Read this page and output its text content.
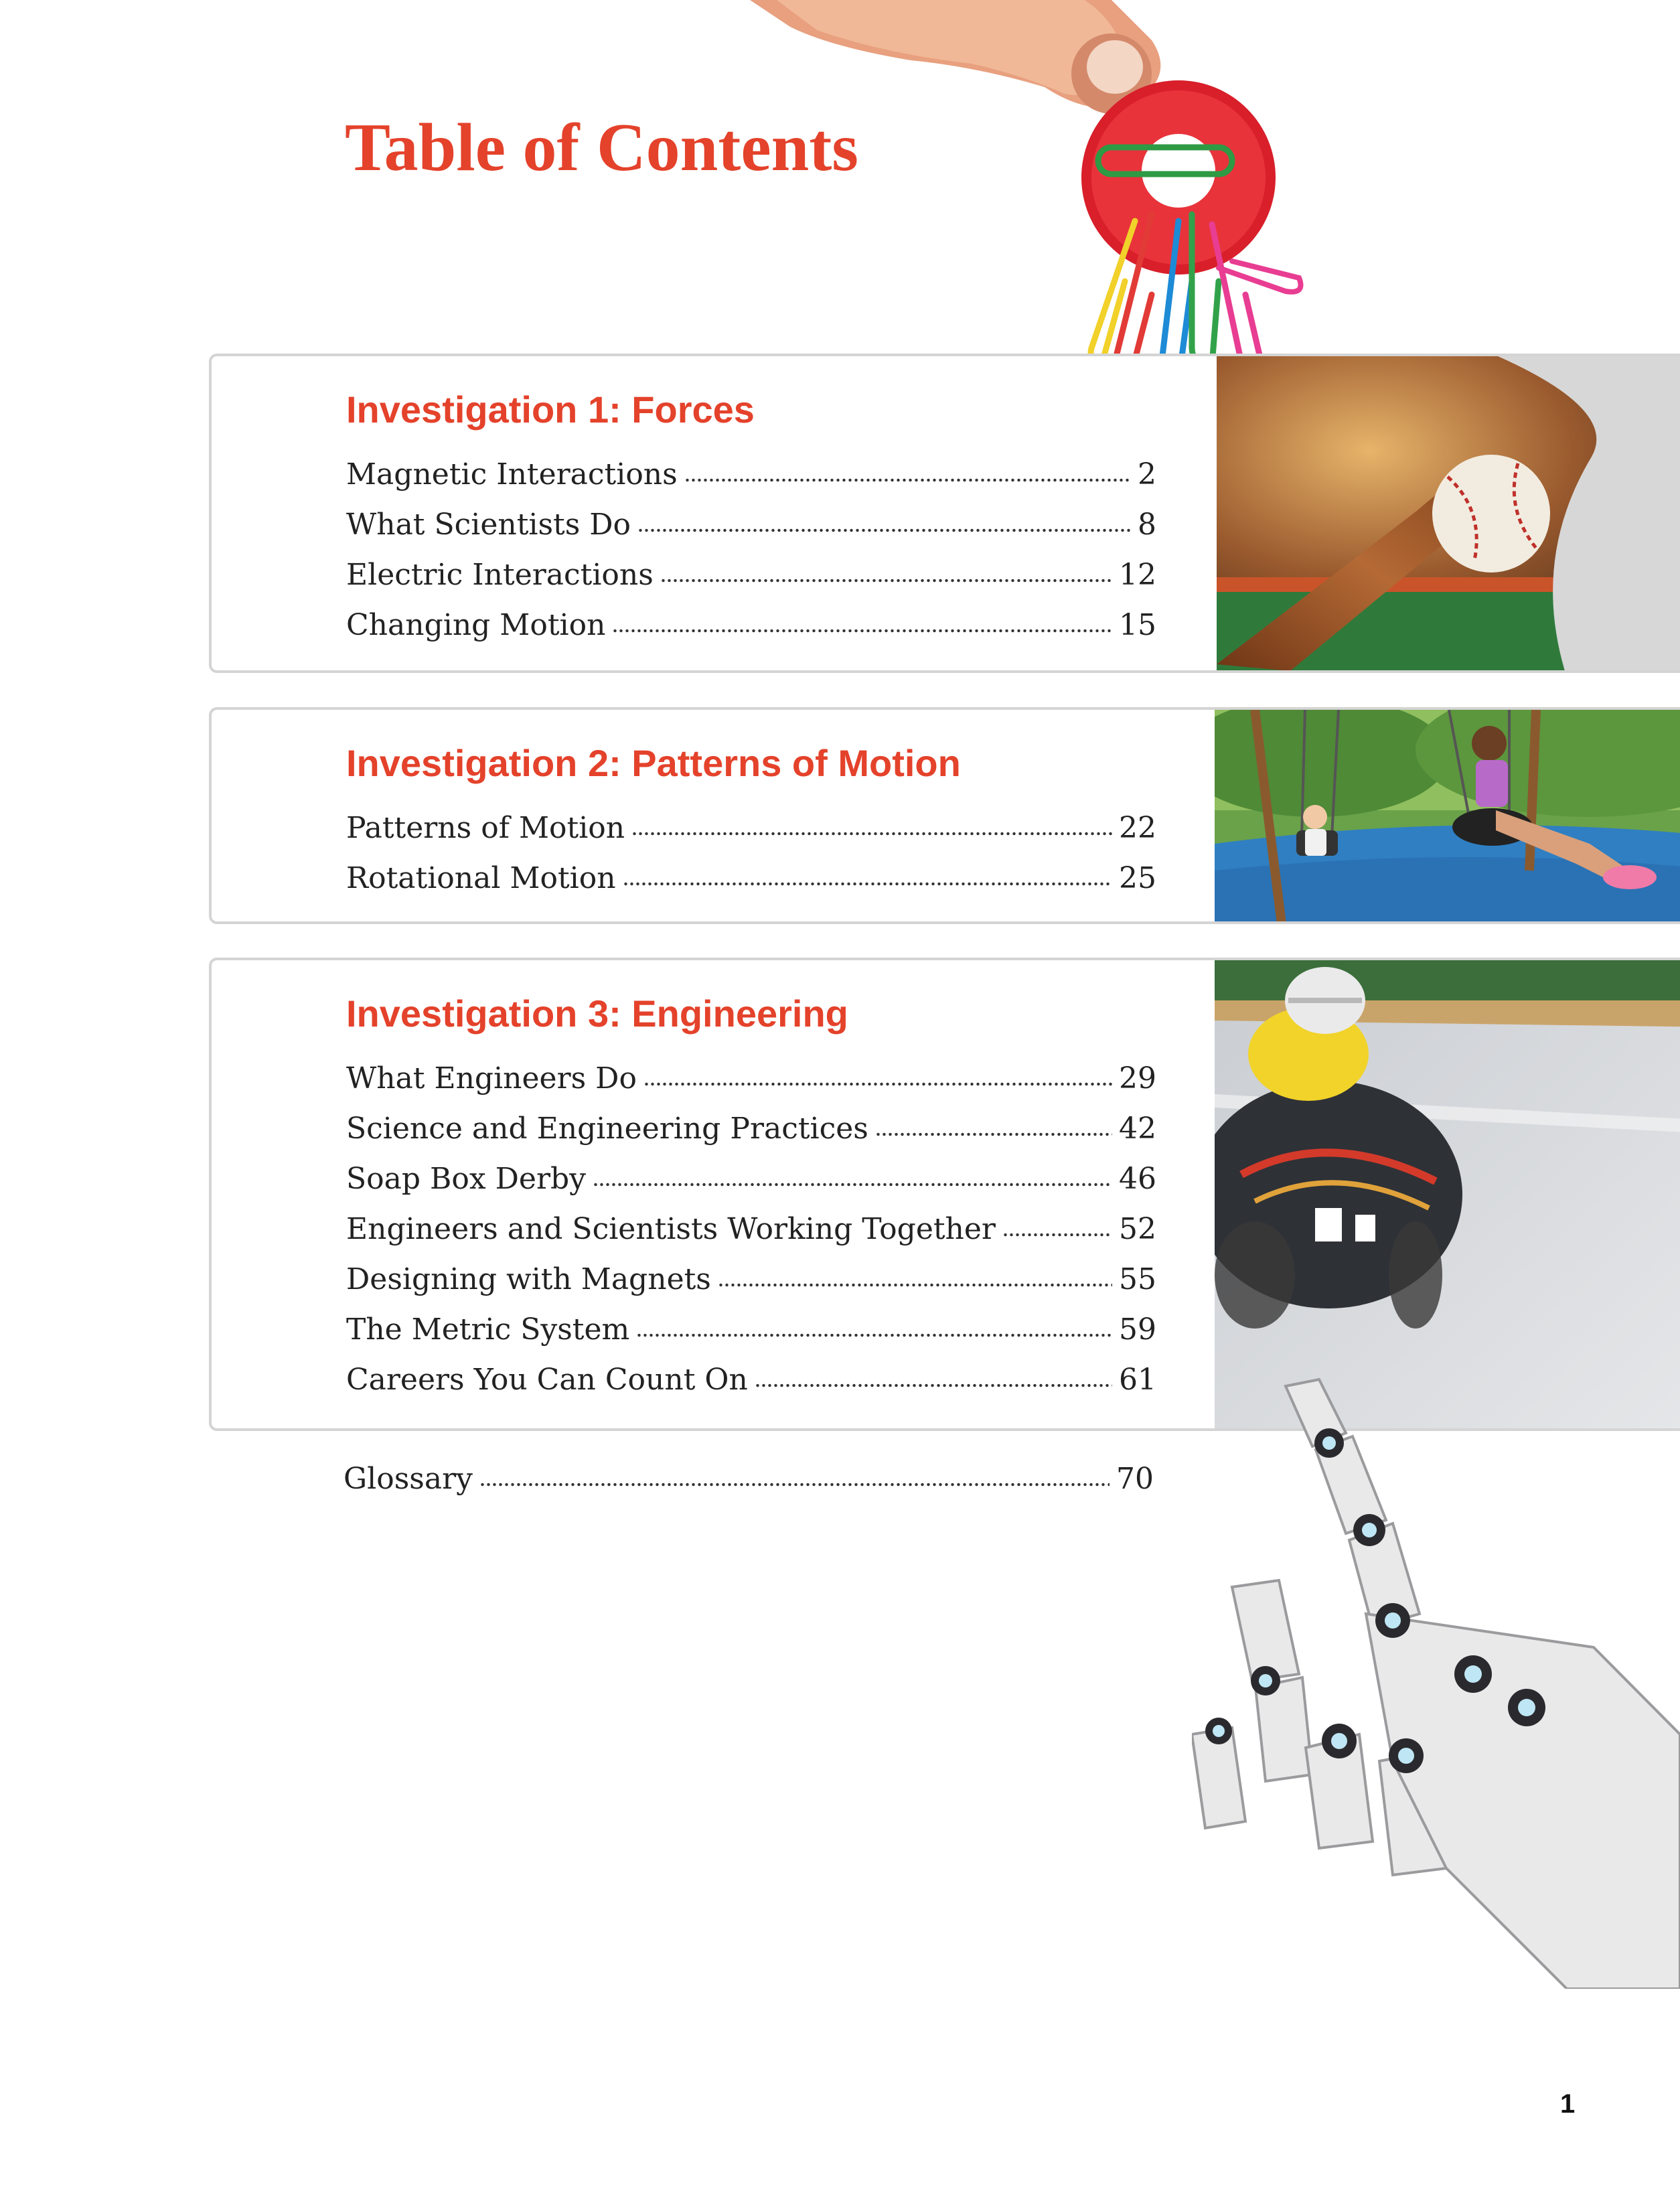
Table of Contents
Investigation 1: Forces
Magnetic Interactions	2
What Scientists Do	8
Electric Interactions	12
Changing Motion	15
Investigation 2: Patterns of Motion
Patterns of Motion	22
Rotational Motion	25
Investigation 3: Engineering
What Engineers Do	29
Science and Engineering Practices	42
Soap Box Derby	46
Engineers and Scientists Working Together	52
Designing with Magnets	55
The Metric System	59
Careers You Can Count On	61
Glossary	70
1
